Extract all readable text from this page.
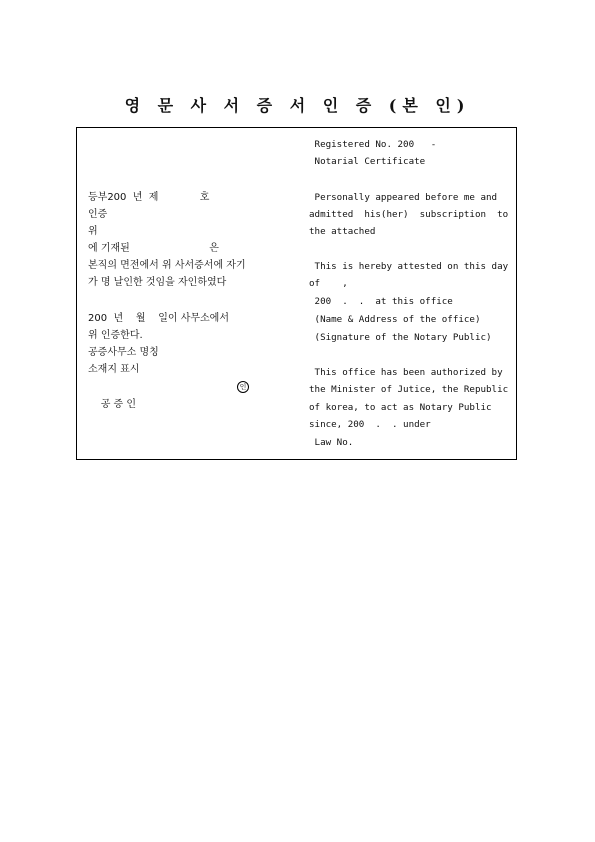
영 문 사 서 증 서 인 증 (본 인)
등부200  년  제             호
인증
위
에 기재된                         은
본직의 면전에서 위 사서증서에 자기
가 명 날인한 것임을 자인하였다
200  년    월    일이 사무소에서
위 인증한다.
공증사무소 명칭
소재지 표시

공 증 인

인

Registered No. 200   -
Notarial Certificate
Personally appeared before me and
admitted  his(her)  subscription  to
the attached
This is hereby attested on this day
of    ,
200  .  .  at this office
(Name & Address of the office)
(Signature of the Notary Public)
This office has been authorized by
the Minister of Jutice, the Republic
of korea, to act as Notary Public
since, 200  .  . under
Law No.
